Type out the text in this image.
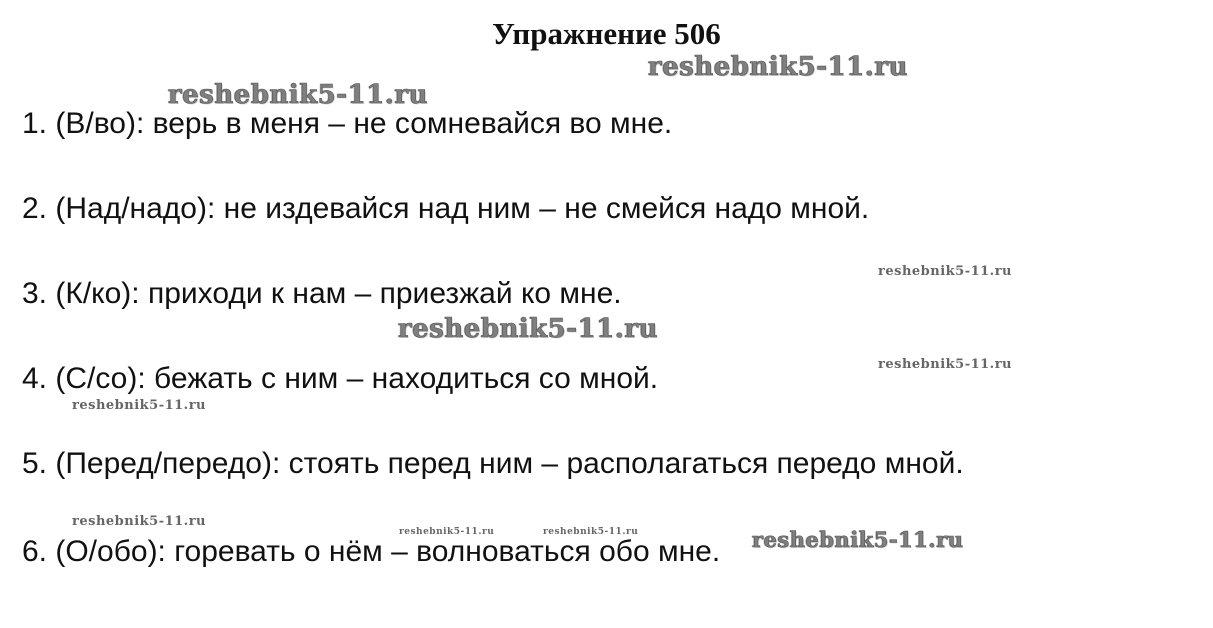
Упражнение 506
1. (В/во): верь в меня – не сомневайся во мне.
2. (Над/надо): не издевайся над ним – не смейся надо мной.
3. (К/ко): приходи к нам – приезжай ко мне.
4. (С/со): бежать с ним – находиться со мной.
5. (Перед/передо): стоять перед ним – располагаться передо мной.
6. (О/обо): горевать о нём – волноваться обо мне.
reshebnik5-11.ru
reshebnik5-11.ru
reshebnik5-11.ru
reshebnik5-11.ru
reshebnik5-11.ru
reshebnik5-11.ru
reshebnik5-11.ru
reshebnik5-11.ru	reshebnik5-11.ru	reshebnik5-11.ru
